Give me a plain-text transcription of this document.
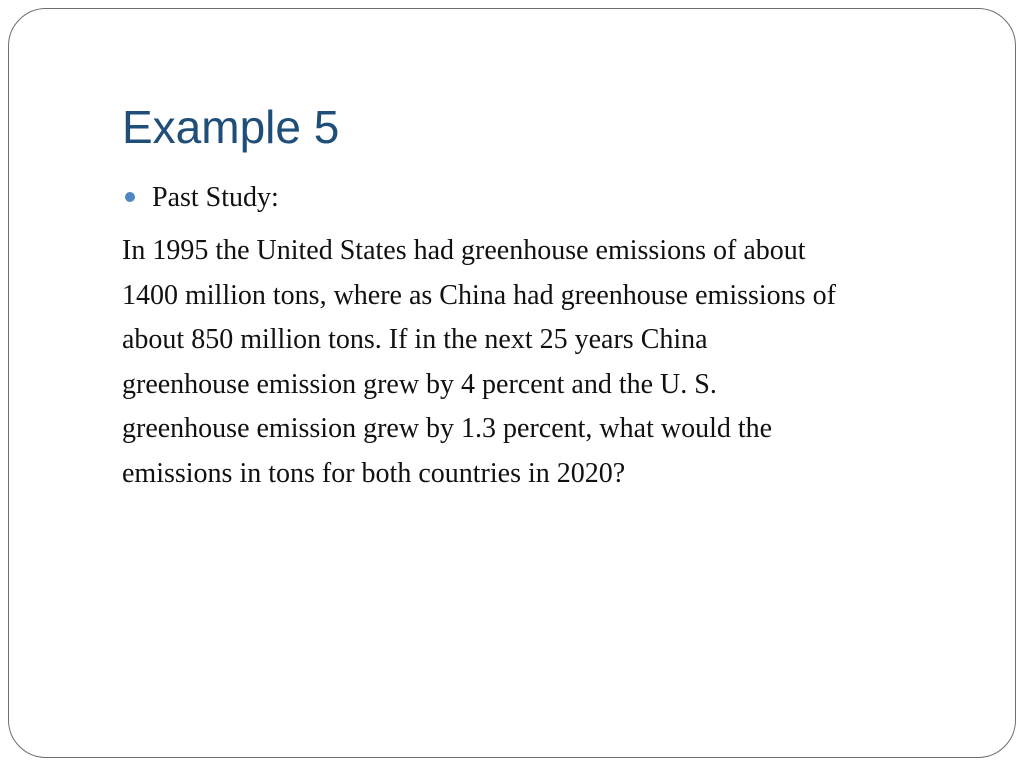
Example 5
Past Study:

In 1995 the United States had greenhouse emissions of about
1400 million tons, where as China had greenhouse emissions of
about 850 million tons. If in the next 25 years China
greenhouse emission grew by 4 percent and the U. S.
greenhouse emission grew by 1.3 percent, what would the
emissions in tons for both countries in 2020?
